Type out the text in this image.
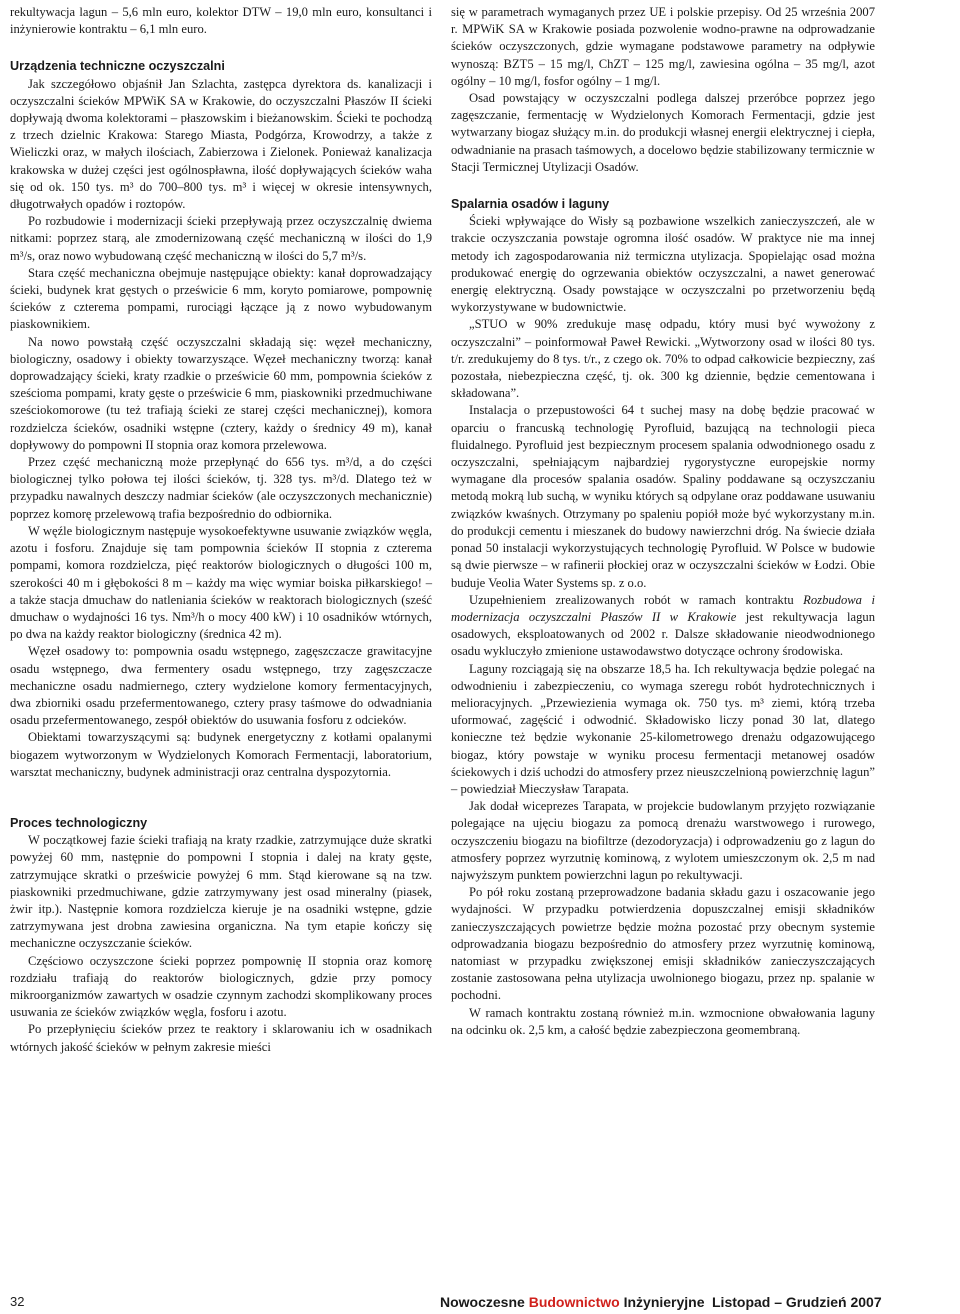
rekultywacja lagun – 5,6 mln euro, kolektor DTW – 19,0 mln euro, konsultanci i inżynierowie kontraktu – 6,1 mln euro.

Urządzenia techniczne oczyszczalni

Jak szczegółowo objaśnił Jan Szlachta, zastępca dyrektora ds. kanalizacji i oczyszczalni ścieków MPWiK SA w Krakowie, do oczyszczalni Płaszów II ścieki dopływają dwoma kolektorami – płaszowskim i bieżanowskim. Ścieki te pochodzą z trzech dzielnic Krakowa: Starego Miasta, Podgórza, Krowodrzy, a także z Wieliczki oraz, w małych ilościach, Zabierzowa i Zielonek. Ponieważ kanalizacja krakowska w dużej części jest ogólnospławna, ilość dopływających ścieków waha się od ok. 150 tys. m³ do 700–800 tys. m³ i więcej w okresie intensywnych, długotrwałych opadów i roztopów.

Po rozbudowie i modernizacji ścieki przepływają przez oczyszczalnię dwiema nitkami: poprzez starą, ale zmodernizowaną część mechaniczną w ilości do 1,9 m³/s, oraz nowo wybudowaną część mechaniczną w ilości do 5,7 m³/s.

Stara część mechaniczna obejmuje następujące obiekty: kanał doprowadzający ścieki, budynek krat gęstych o prześwicie 6 mm, koryto pomiarowe, pompownię ścieków z czterema pompami, rurociągi łączące ją z nowo wybudowanym piaskownikiem.

Na nowo powstałą część oczyszczalni składają się: węzeł mechaniczny, biologiczny, osadowy i obiekty towarzyszące. Węzeł mechaniczny tworzą: kanał doprowadzający ścieki, kraty rzadkie o prześwicie 60 mm, pompownia ścieków z sześcioma pompami, kraty gęste o prześwicie 6 mm, piaskowniki przedmuchiwane sześciokomorowe (tu też trafiają ścieki ze starej części mechanicznej), komora rozdzielcza ścieków, osadniki wstępne (cztery, każdy o średnicy 49 m), kanał dopływowy do pompowni II stopnia oraz komora przelewowa.

Przez część mechaniczną może przepłynąć do 656 tys. m³/d, a do części biologicznej tylko połowa tej ilości ścieków, tj. 328 tys. m³/d. Dlatego też w przypadku nawalnych deszczy nadmiar ścieków (ale oczyszczonych mechanicznie) poprzez komorę przelewową trafia bezpośrednio do odbiornika.

W węźle biologicznym następuje wysokoefektywne usuwanie związków węgla, azotu i fosforu. Znajduje się tam pompownia ścieków II stopnia z czterema pompami, komora rozdzielcza, pięć reaktorów biologicznych o długości 100 m, szerokości 40 m i głębokości 8 m – każdy ma więc wymiar boiska piłkarskiego! – a także stacja dmuchaw do natleniania ścieków w reaktorach biologicznych (sześć dmuchaw o wydajności 16 tys. Nm³/h o mocy 400 kW) i 10 osadników wtórnych, po dwa na każdy reaktor biologiczny (średnica 42 m).

Węzeł osadowy to: pompownia osadu wstępnego, zagęszczacze grawitacyjne osadu wstępnego, dwa fermentery osadu wstępnego, trzy zagęszczacze mechaniczne osadu nadmiernego, cztery wydzielone komory fermentacyjnych, dwa zbiorniki osadu przefermentowanego, cztery prasy taśmowe do odwadniania osadu przefermentowanego, zespół obiektów do usuwania fosforu z odcieków.

Obiektami towarzyszącymi są: budynek energetyczny z kotłami opalanymi biogazem wytworzonym w Wydzielonych Komorach Fermentacji, laboratorium, warsztat mechaniczny, budynek administracji oraz centralna dyspozytornia.

Proces technologiczny

W początkowej fazie ścieki trafiają na kraty rzadkie, zatrzymujące duże skratki powyżej 60 mm, następnie do pompowni I stopnia i dalej na kraty gęste, zatrzymujące skratki o prześwicie powyżej 6 mm. Stąd kierowane są na tzw. piaskowniki przedmuchiwane, gdzie zatrzymywany jest osad mineralny (piasek, żwir itp.). Następnie komora rozdzielcza kieruje je na osadniki wstępne, gdzie zatrzymywana jest drobna zawiesina organiczna. Na tym etapie kończy się mechaniczne oczyszczanie ścieków.

Częściowo oczyszczone ścieki poprzez pompownię II stopnia oraz komorę rozdziału trafiają do reaktorów biologicznych, gdzie przy pomocy mikroorganizmów zawartych w osadzie czynnym zachodzi skomplikowany proces usuwania ze ścieków związków węgla, fosforu i azotu.

Po przepłynięciu ścieków przez te reaktory i sklarowaniu ich w osadnikach wtórnych jakość ścieków w pełnym zakresie mieści

się w parametrach wymaganych przez UE i polskie przepisy. Od 25 września 2007 r. MPWiK SA w Krakowie posiada pozwolenie wodno-prawne na odprowadzanie ścieków oczyszczonych, gdzie wymagane podstawowe parametry na odpływie wynoszą: BZT5 – 15 mg/l, ChZT – 125 mg/l, zawiesina ogólna – 35 mg/l, azot ogólny – 10 mg/l, fosfor ogólny – 1 mg/l.

Osad powstający w oczyszczalni podlega dalszej przeróbce poprzez jego zagęszczanie, fermentację w Wydzielonych Komorach Fermentacji, gdzie jest wytwarzany biogaz służący m.in. do produkcji własnej energii elektrycznej i ciepła, odwadnianie na prasach taśmowych, a docelowo będzie stabilizowany termicznie w Stacji Termicznej Utylizacji Osadów.

Spalarnia osadów i laguny

Ścieki wpływające do Wisły są pozbawione wszelkich zanieczyszczeń, ale w trakcie oczyszczania powstaje ogromna ilość osadów. W praktyce nie ma innej metody ich zagospodarowania niż termiczna utylizacja. Spopielając osad można produkować energię do ogrzewania obiektów oczyszczalni, a nawet generować energię elektryczną. Osady powstające w oczyszczalni po przetworzeniu będą wykorzystywane w budownictwie.

„STUO w 90% zredukuje masę odpadu, który musi być wywożony z oczyszczalni” – poinformował Paweł Rewicki. „Wytworzony osad w ilości 80 tys. t/r. zredukujemy do 8 tys. t/r., z czego ok. 70% to odpad całkowicie bezpieczny, zaś pozostała, niebezpieczna część, tj. ok. 300 kg dziennie, będzie cementowana i składowana”.

Instalacja o przepustowości 64 t suchej masy na dobę będzie pracować w oparciu o francuską technologię Pyrofluid, bazującą na technologii pieca fluidalnego. Pyrofluid jest bezpiecznym procesem spalania odwodnionego osadu z oczyszczalni, spełniającym najbardziej rygorystyczne europejskie normy wymagane dla procesów spalania osadów. Spaliny poddawane są oczyszczaniu metodą mokrą lub suchą, w wyniku których są odpylane oraz poddawane usuwaniu związków kwaśnych. Otrzymany po spaleniu popiół może być wykorzystany m.in. do produkcji cementu i mieszanek do budowy nawierzchni dróg. Na świecie działa ponad 50 instalacji wykorzystujących technologię Pyrofluid. W Polsce w budowie są dwie pierwsze – w rafinerii płockiej oraz w oczyszczalni ścieków w Łodzi. Obie buduje Veolia Water Systems sp. z o.o.

Uzupełnieniem zrealizowanych robót w ramach kontraktu Rozbudowa i modernizacja oczyszczalni Płaszów II w Krakowie jest rekultywacja lagun osadowych, eksploatowanych od 2002 r. Dalsze składowanie nieodwodnionego osadu wykluczyło zmienione ustawodawstwo dotyczące ochrony środowiska.

Laguny rozciągają się na obszarze 18,5 ha. Ich rekultywacja będzie polegać na odwodnieniu i zabezpieczeniu, co wymaga szeregu robót hydrotechnicznych i melioracyjnych. „Przewiezienia wymaga ok. 750 tys. m³ ziemi, którą trzeba uformować, zagęścić i odwodnić. Składowisko liczy ponad 30 lat, dlatego konieczne też będzie wykonanie 25-kilometrowego drenażu odgazowującego biogaz, który powstaje w wyniku procesu fermentacji metanowej osadów ściekowych i dziś uchodzi do atmosfery przez nieuszczelnioną powierzchnię lagun” – powiedział Mieczysław Tarapata.

Jak dodał wiceprezes Tarapata, w projekcie budowlanym przyjęto rozwiązanie polegające na ujęciu biogazu za pomocą drenażu warstwowego i rurowego, oczyszczeniu biogazu na biofiltrze (dezodoryzacja) i odprowadzeniu go z lagun do atmosfery poprzez wyrzutnię kominową, z wylotem umieszczonym ok. 2,5 m nad najwyższym punktem powierzchni lagun po rekultywacji.

Po pół roku zostaną przeprowadzone badania składu gazu i oszacowanie jego wydajności. W przypadku potwierdzenia dopuszczalnej emisji składników zanieczyszczających powietrze będzie można pozostać przy obecnym systemie odprowadzania biogazu bezpośrednio do atmosfery przez wyrzutnię kominową, natomiast w przypadku zwiększonej emisji składników zanieczyszczających zostanie zastosowana pełna utylizacja uwolnionego biogazu, przez np. spalanie w pochodni.

W ramach kontraktu zostaną również m.in. wzmocnione obwałowania laguny na odcinku ok. 2,5 km, a całość będzie zabezpieczona geomembraną.

32	Nowoczesne Budownictwo Inżynieryjne Listopad – Grudzień 2007
